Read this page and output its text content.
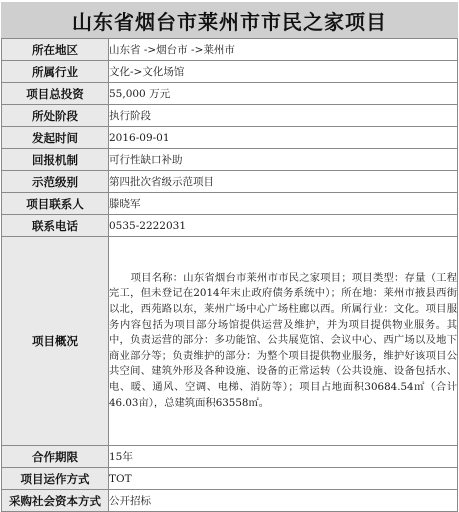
山东省烟台市莱州市市民之家项目
所在地区	山东省 ->烟台市 ->莱州市
所属行业	文化->文化场馆
项目总投资	55,000 万元
所处阶段	执行阶段
发起时间	2016-09-01
回报机制	可行性缺口补助
示范级别	第四批次省级示范项目
项目联系人	滕晓军
联系电话	0535-2222031
项目概况	项目名称：山东省烟台市莱州市市民之家项目；项目类型：存量（工程完工，但未登记在2014年末止政府债务系统中）；所在地：莱州市掖县西街以北，西苑路以东，莱州广场中心广场柱廊以西。所属行业：文化。项目服务内容包括为项目部分场馆提供运营及维护，并为项目提供物业服务。其中，负责运营的部分：多功能馆、公共展览馆、会议中心、西广场以及地下商业部分等；负责维护的部分：为整个项目提供物业服务，维护好该项目公共空间、建筑外形及各种设施、设备的正常运转（公共设施、设备包括水、电、暖、通风、空调、电梯、消防等）；项目占地面积30684.54㎡（合计46.03亩），总建筑面积63558㎡。
合作期限	15年
项目运作方式	TOT
采购社会资本方式	公开招标
